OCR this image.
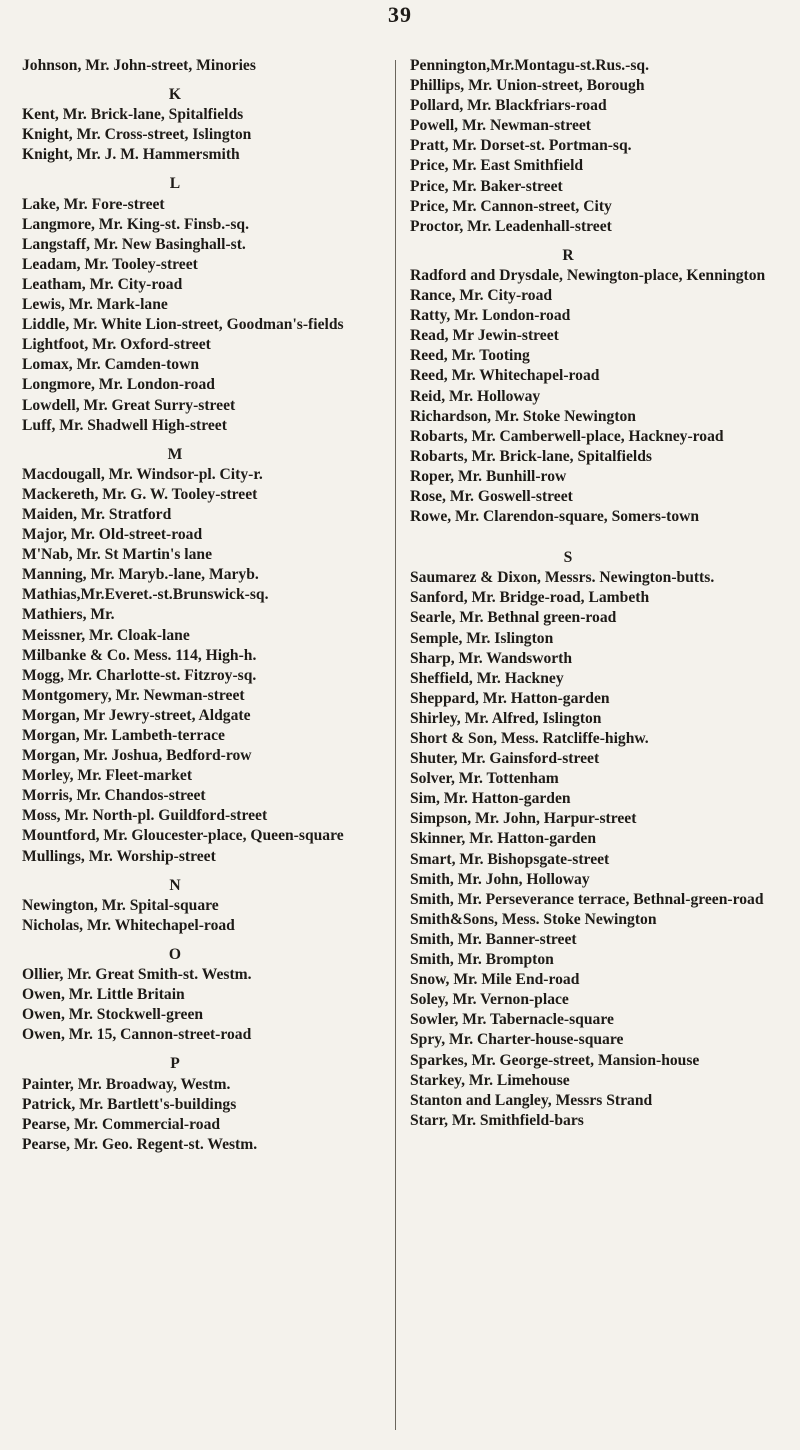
39
Johnson, Mr. John-street, Minories
K
Kent, Mr. Brick-lane, Spitalfields
Knight, Mr. Cross-street, Islington
Knight, Mr. J. M. Hammersmith
L
Lake, Mr. Fore-street
Langmore, Mr. King-st. Finsb.-sq.
Langstaff, Mr. New Basinghall-st.
Leadam, Mr. Tooley-street
Leatham, Mr. City-road
Lewis, Mr. Mark-lane
Liddle, Mr. White Lion-street, Goodman's-fields
Lightfoot, Mr. Oxford-street
Lomax, Mr. Camden-town
Longmore, Mr. London-road
Lowdell, Mr. Great Surry-street
Luff, Mr. Shadwell High-street
M
Macdougall, Mr. Windsor-pl. City-r.
Mackereth, Mr. G. W. Tooley-street
Maiden, Mr. Stratford
Major, Mr. Old-street-road
M'Nab, Mr. St Martin's lane
Manning, Mr. Maryb.-lane, Maryb.
Mathias,Mr.Everet.-st.Brunswick-sq.
Mathiers, Mr.
Meissner, Mr. Cloak-lane
Milbanke & Co. Mess. 114, High-h.
Mogg, Mr. Charlotte-st. Fitzroy-sq.
Montgomery, Mr. Newman-street
Morgan, Mr Jewry-street, Aldgate
Morgan, Mr. Lambeth-terrace
Morgan, Mr. Joshua, Bedford-row
Morley, Mr. Fleet-market
Morris, Mr. Chandos-street
Moss, Mr. North-pl. Guildford-street
Mountford, Mr. Gloucester-place, Queen-square
Mullings, Mr. Worship-street
N
Newington, Mr. Spital-square
Nicholas, Mr. Whitechapel-road
O
Ollier, Mr. Great Smith-st. Westm.
Owen, Mr. Little Britain
Owen, Mr. Stockwell-green
Owen, Mr. 15, Cannon-street-road
P
Painter, Mr. Broadway, Westm.
Patrick, Mr. Bartlett's-buildings
Pearse, Mr. Commercial-road
Pearse, Mr. Geo. Regent-st. Westm.
Pennington,Mr.Montagu-st.Rus.-sq.
Phillips, Mr. Union-street, Borough
Pollard, Mr. Blackfriars-road
Powell, Mr. Newman-street
Pratt, Mr. Dorset-st. Portman-sq.
Price, Mr. East Smithfield
Price, Mr. Baker-street
Price, Mr. Cannon-street, City
Proctor, Mr. Leadenhall-street
R
Radford and Drysdale, Newington-place, Kennington
Rance, Mr. City-road
Ratty, Mr. London-road
Read, Mr Jewin-street
Reed, Mr. Tooting
Reed, Mr. Whitechapel-road
Reid, Mr. Holloway
Richardson, Mr. Stoke Newington
Robarts, Mr. Camberwell-place, Hackney-road
Robarts, Mr. Brick-lane, Spitalfields
Roper, Mr. Bunhill-row
Rose, Mr. Goswell-street
Rowe, Mr. Clarendon-square, Somers-town
S
Saumarez & Dixon, Messrs. Newington-butts.
Sanford, Mr. Bridge-road, Lambeth
Searle, Mr. Bethnal green-road
Semple, Mr. Islington
Sharp, Mr. Wandsworth
Sheffield, Mr. Hackney
Sheppard, Mr. Hatton-garden
Shirley, Mr. Alfred, Islington
Short & Son, Mess. Ratcliffe-highw.
Shuter, Mr. Gainsford-street
Solver, Mr. Tottenham
Sim, Mr. Hatton-garden
Simpson, Mr. John, Harpur-street
Skinner, Mr. Hatton-garden
Smart, Mr. Bishopsgate-street
Smith, Mr. John, Holloway
Smith, Mr. Perseverance terrace, Bethnal-green-road
Smith&Sons, Mess. Stoke Newington
Smith, Mr. Banner-street
Smith, Mr. Brompton
Snow, Mr. Mile End-road
Soley, Mr. Vernon-place
Sowler, Mr. Tabernacle-square
Spry, Mr. Charter-house-square
Sparkes, Mr. George-street, Mansion-house
Starkey, Mr. Limehouse
Stanton and Langley, Messrs Strand
Starr, Mr. Smithfield-bars
